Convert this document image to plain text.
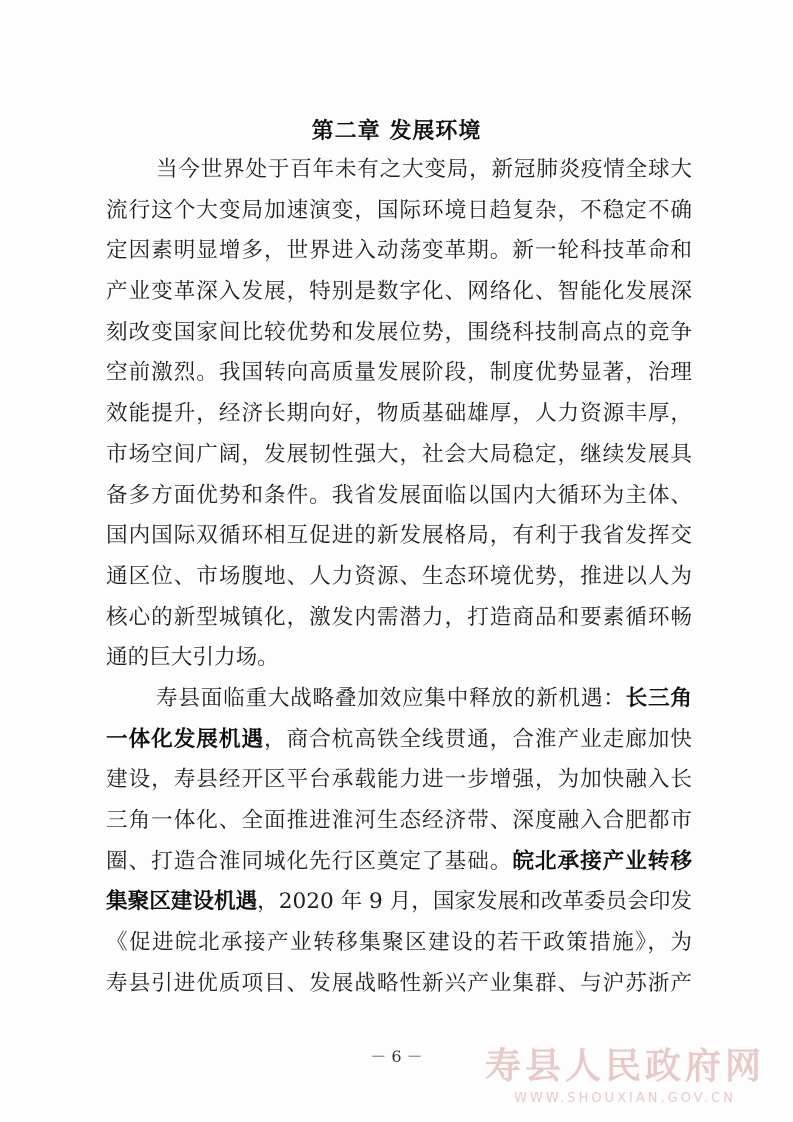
第二章 发展环境
当今世界处于百年未有之大变局，新冠肺炎疫情全球大
流行这个大变局加速演变，国际环境日趋复杂，不稳定不确
定因素明显增多，世界进入动荡变革期。新一轮科技革命和
产业变革深入发展，特别是数字化、网络化、智能化发展深
刻改变国家间比较优势和发展位势，围绕科技制高点的竞争
空前激烈。我国转向高质量发展阶段，制度优势显著，治理
效能提升，经济长期向好，物质基础雄厚，人力资源丰厚，
市场空间广阔，发展韧性强大，社会大局稳定，继续发展具
备多方面优势和条件。我省发展面临以国内大循环为主体、
国内国际双循环相互促进的新发展格局，有利于我省发挥交
通区位、市场腹地、人力资源、生态环境优势，推进以人为
核心的新型城镇化，激发内需潜力，打造商品和要素循环畅
通的巨大引力场。
寿县面临重大战略叠加效应集中释放的新机遇：长三角
一体化发展机遇，商合杭高铁全线贯通，合淮产业走廊加快
建设，寿县经开区平台承载能力进一步增强，为加快融入长
三角一体化、全面推进淮河生态经济带、深度融入合肥都市
圈、打造合淮同城化先行区奠定了基础。皖北承接产业转移
集聚区建设机遇，2020 年 9 月，国家发展和改革委员会印发
《促进皖北承接产业转移集聚区建设的若干政策措施》，为
寿县引进优质项目、发展战略性新兴产业集群、与沪苏浙产
－ 6 －	寿县人民政府网
WWW.SHOUXIAN.GOV.CN
